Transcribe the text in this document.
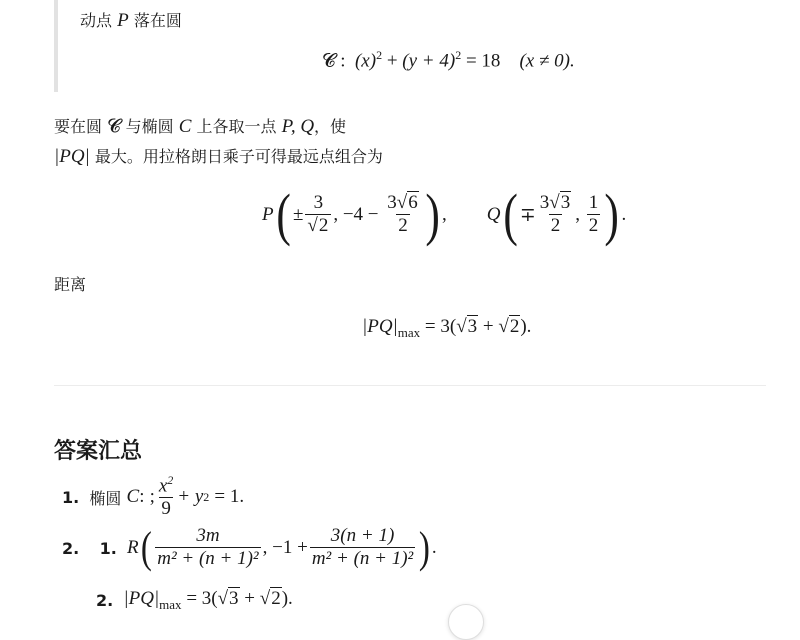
动点 P 落在圆
𝓒 : $(x)^2 + (y + 4)^2 = 18$ (x ≠ 0).
要在圆 𝓒 与椭圆 C 上各取一点 P, Q，使
|PQ| 最大。用拉格朗日乘子可得最远点组合为
P ( ± $\frac{3}{√2}$ , −4 −
$\frac{3√6}{2}$ ) , Q ( ∓ $\frac{3√3}{2}$ ,
$\frac{1}{2}$ ) .
距离
$|PQ|_{max} = 3(√3 + √2)$.
答案汇总
1.
椭圆
C :
; $\frac{x^2}{9} + y$ 2
= 1.
2.
1.
R ( $\frac{3m}{\text{m² + (n + 1)²}}$ , $-1 + \frac{3(n + 1)}{\text{m² + (n + 1)²}}$ ) .
2.
$|PQ|_{max} = 3(√3 + √2)$.
